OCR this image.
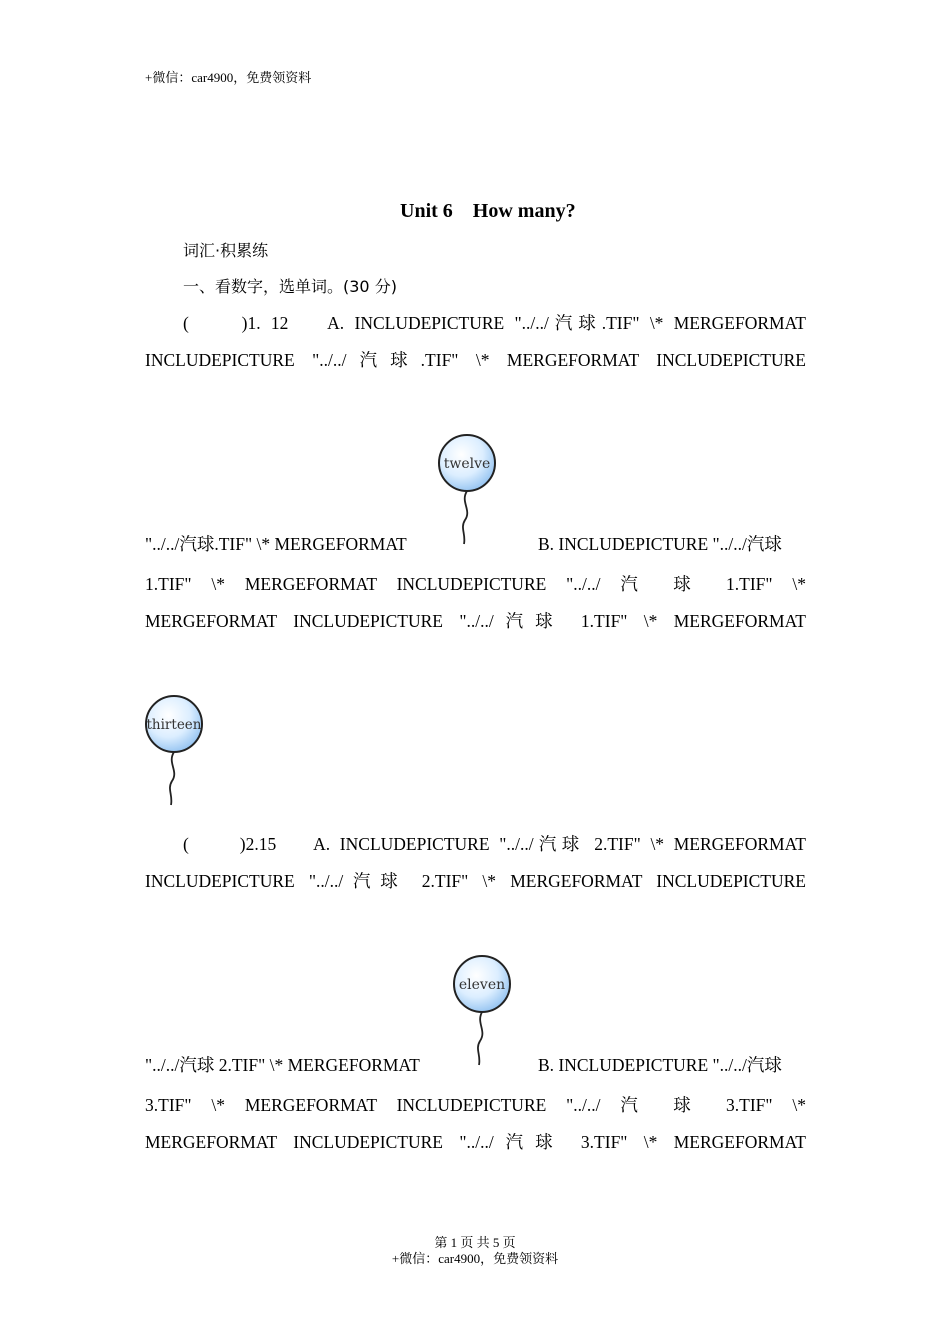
+微信：car4900，免费领资料
Unit 6    How many?
词汇·积累练
一、看数字，选单词。(30 分)
(　　)1. 12　 A. INCLUDEPICTURE "../../汽球.TIF" \* MERGEFORMAT
INCLUDEPICTURE "../../汽球.TIF" \* MERGEFORMAT INCLUDEPICTURE
twelve
"../../汽球.TIF" \* MERGEFORMAT	B. INCLUDEPICTURE "../../汽球
1.TIF" \* MERGEFORMAT INCLUDEPICTURE "../../ 汽 球 1.TIF" \*
MERGEFORMAT INCLUDEPICTURE "../../汽球 1.TIF" \* MERGEFORMAT
thirteen
(　　)2.15　 A. INCLUDEPICTURE "../../汽球 2.TIF" \* MERGEFORMAT
INCLUDEPICTURE "../../汽球 2.TIF" \* MERGEFORMAT INCLUDEPICTURE
eleven
"../../汽球 2.TIF" \* MERGEFORMAT	B. INCLUDEPICTURE "../../汽球
3.TIF" \* MERGEFORMAT INCLUDEPICTURE "../../ 汽 球 3.TIF" \*
MERGEFORMAT INCLUDEPICTURE "../../汽球 3.TIF" \* MERGEFORMAT
第 1 页 共 5 页
+微信：car4900，免费领资料
